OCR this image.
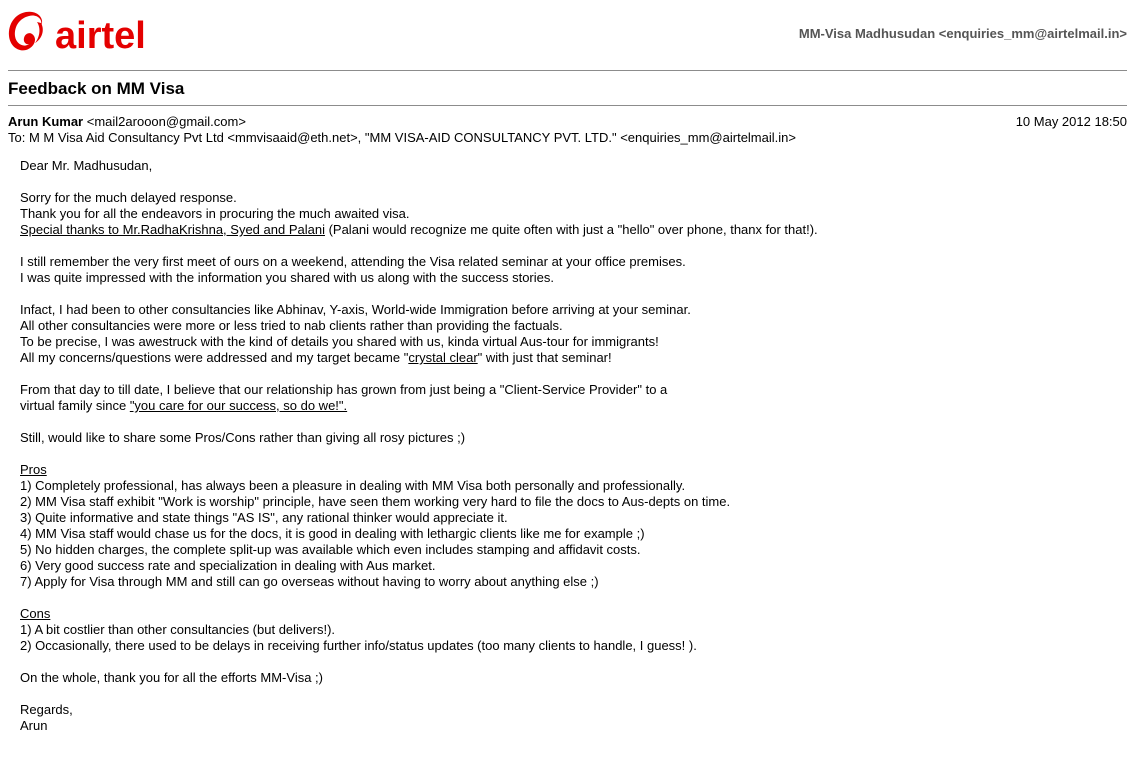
airtel	MM-Visa Madhusudan <enquiries_mm@airtelmail.in>
Feedback on MM Visa
Arun Kumar <mail2arooon@gmail.com>	10 May 2012 18:50
To: M M Visa Aid Consultancy Pvt Ltd <mmvisaaid@eth.net>, "MM VISA-AID CONSULTANCY PVT. LTD." <enquiries_mm@airtelmail.in>
Dear Mr. Madhusudan,
Sorry for the much delayed response.
Thank you for all the endeavors in procuring the much awaited visa.
Special thanks to Mr.RadhaKrishna, Syed and Palani (Palani would recognize me quite often with just a "hello" over phone, thanx for that!).
I still remember the very first meet of ours on a weekend, attending the Visa related seminar at your office premises.
I was quite impressed with the information you shared with us along with the success stories.
Infact, I had been to other consultancies like Abhinav, Y-axis, World-wide Immigration before arriving at your seminar.
All other consultancies were more or less tried to nab clients rather than providing the factuals.
To be precise, I was awestruck with the kind of details you shared with us, kinda virtual Aus-tour for immigrants!
All my concerns/questions were addressed and my target became "crystal clear" with just that seminar!
From that day to till date, I believe that our relationship has grown from just being a "Client-Service Provider" to a
virtual family since "you care for our success, so do we!".
Still, would like to share some Pros/Cons rather than giving all rosy pictures ;)
Pros
1) Completely professional, has always been a pleasure in dealing with MM Visa both personally and professionally.
2) MM Visa staff exhibit "Work is worship" principle, have seen them working very hard to file the docs to Aus-depts on time.
3) Quite informative and state things "AS IS", any rational thinker would appreciate it.
4) MM Visa staff would chase us for the docs, it is good in dealing with lethargic clients like me for example ;)
5) No hidden charges, the complete split-up was available which even includes stamping and affidavit costs.
6) Very good success rate and specialization in dealing with Aus market.
7) Apply for Visa through MM and still can go overseas without having to worry about anything else ;)
Cons
1) A bit costlier than other consultancies (but delivers!).
2) Occasionally, there used to be delays in receiving further info/status updates (too many clients to handle, I guess! ).
On the whole, thank you for all the efforts MM-Visa ;)
Regards,
Arun
